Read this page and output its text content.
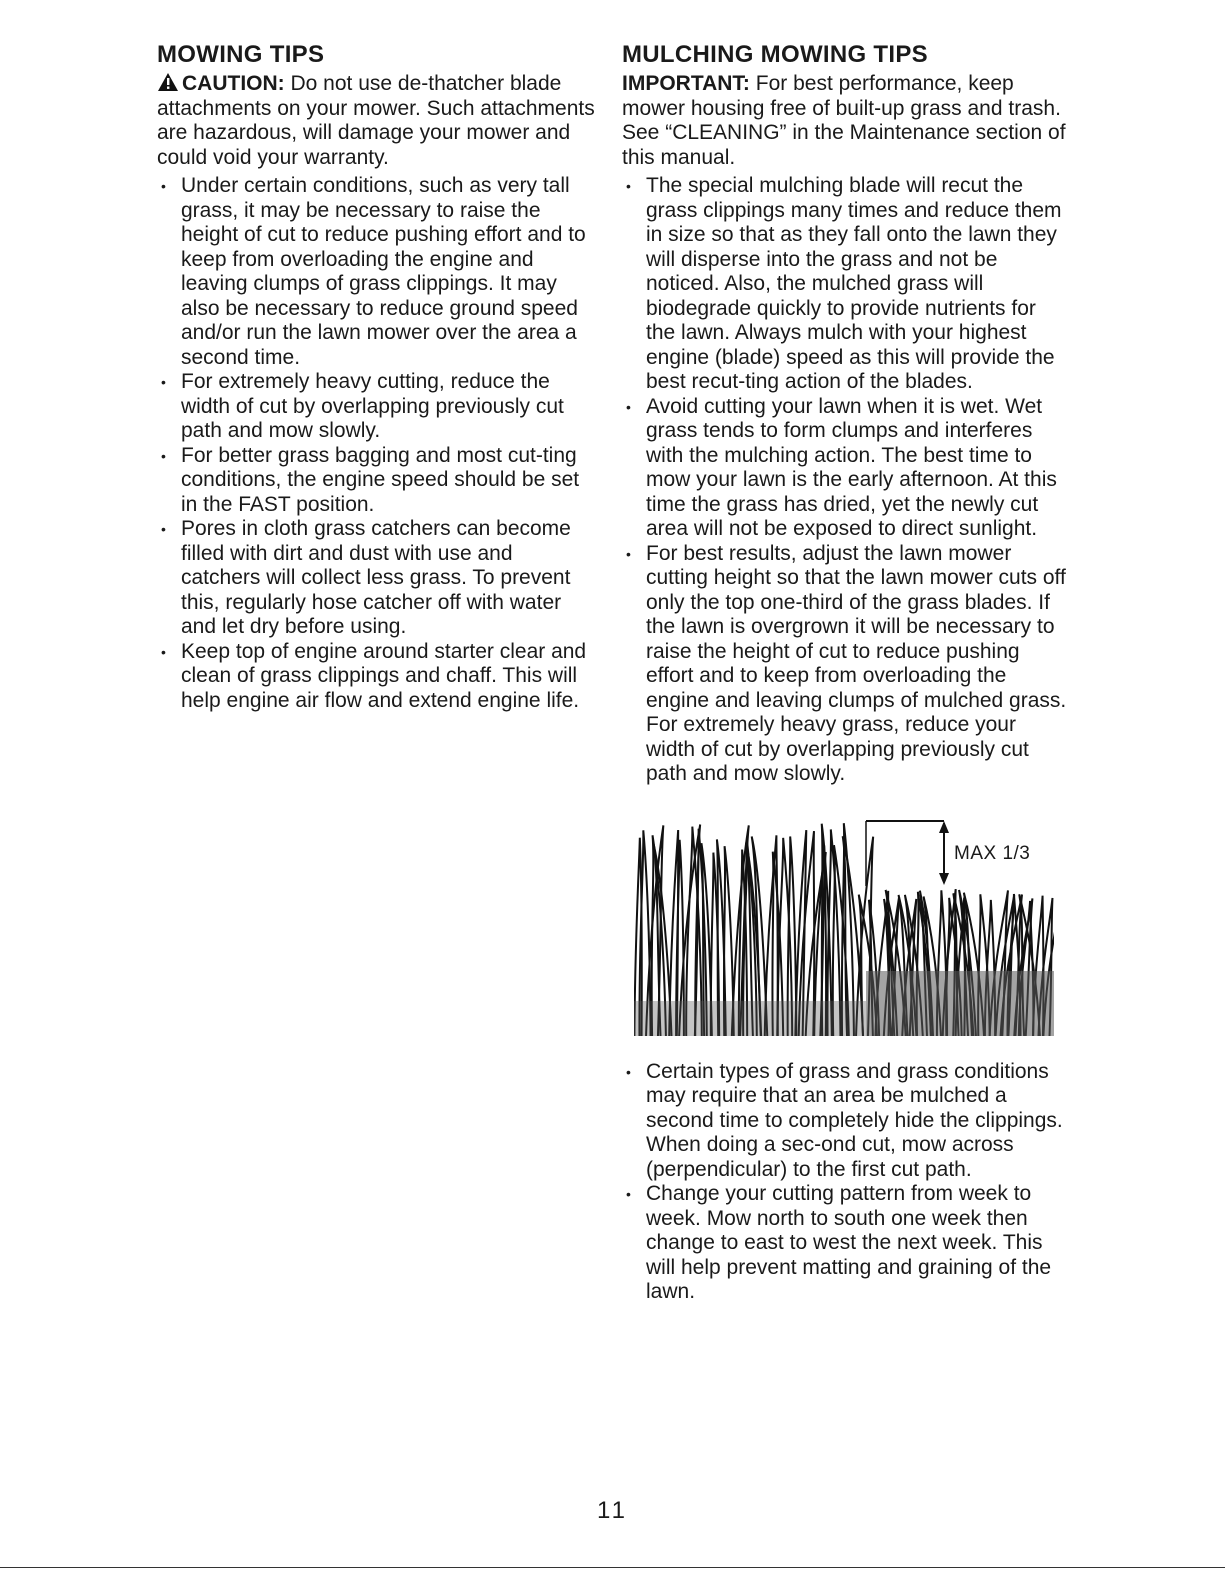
MOWING TIPS

CAUTION: Do not use de-thatcher blade attachments on your mower. Such attachments are hazardous, will damage your mower and could void your warranty.

• Under certain conditions, such as very tall grass, it may be necessary to raise the height of cut to reduce pushing effort and to keep from overloading the engine and leaving clumps of grass clippings. It may also be necessary to reduce ground speed and/or run the lawn mower over the area a second time.
• For extremely heavy cutting, reduce the width of cut by overlapping previously cut path and mow slowly.
• For better grass bagging and most cut-ting conditions, the engine speed should be set in the FAST position.
• Pores in cloth grass catchers can become filled with dirt and dust with use and catchers will collect less grass. To prevent this, regularly hose catcher off with water and let dry before using.
• Keep top of engine around starter clear and clean of grass clippings and chaff. This will help engine air flow and extend engine life.
MULCHING MOWING TIPS

IMPORTANT: For best performance, keep mower housing free of built-up grass and trash. See “CLEANING” in the Maintenance section of this manual.

• The special mulching blade will recut the grass clippings many times and reduce them in size so that as they fall onto the lawn they will disperse into the grass and not be noticed. Also, the mulched grass will biodegrade quickly to provide nutrients for the lawn. Always mulch with your highest engine (blade) speed as this will provide the best recut-ting action of the blades.
• Avoid cutting your lawn when it is wet. Wet grass tends to form clumps and interferes with the mulching action. The best time to mow your lawn is the early afternoon. At this time the grass has dried, yet the newly cut area will not be exposed to direct sunlight.
• For best results, adjust the lawn mower cutting height so that the lawn mower cuts off only the top one-third of the grass blades. If the lawn is overgrown it will be necessary to raise the height of cut to reduce pushing effort and to keep from overloading the engine and leaving clumps of mulched grass. For extremely heavy grass, reduce your width of cut by overlapping previously cut path and mow slowly.
MAX 1/3
• Certain types of grass and grass conditions may require that an area be mulched a second time to completely hide the clippings. When doing a sec-ond cut, mow across (perpendicular) to the first cut path.
• Change your cutting pattern from week to week. Mow north to south one week then change to east to west the next week. This will help prevent matting and graining of the lawn.
11
